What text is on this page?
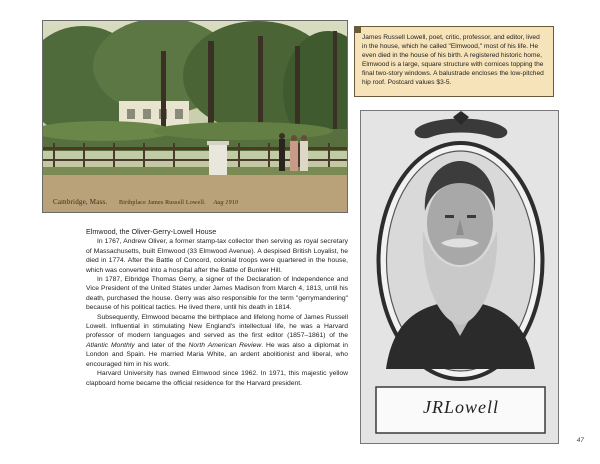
Cambridge, Mass. Birthplace James Russell Lowell. Aug 1910
James Russell Lowell, poet, critic, professor, and editor, lived in the house, which he called "Elmwood," most of his life. He even died in the house of his birth. A registered historic home, Elmwood is a large, square structure with cornices topping the final two-story windows. A balustrade encloses the low-pitched hip roof. Postcard values $3-5.
JRLowell
Elmwood, the Oliver-Gerry-Lowell House

In 1767, Andrew Oliver, a former stamp-tax collector then serving as royal secretary of Massachusetts, built Elmwood (33 Elmwood Avenue). A despised British Loyalist, he died in 1774. After the Battle of Concord, colonial troops were quartered in the house, which was converted into a hospital after the Battle of Bunker Hill.

In 1787, Elbridge Thomas Gerry, a signer of the Declaration of Independence and Vice President of the United States under James Madison from March 4, 1813, until his death, purchased the house. Gerry was also responsible for the term "gerrymandering" because of his political tactics. He lived there, until his death in 1814.

Subsequently, Elmwood became the birthplace and lifelong home of James Russell Lowell. Influential in stimulating New England's intellectual life, he was a Harvard professor of modern languages and served as the first editor (1857–1861) of the Atlantic Monthly and later of the North American Review. He was also a diplomat in London and Spain. He married Maria White, an ardent abolitionist and liberal, who encouraged him in his work.

Harvard University has owned Elmwood since 1962. In 1971, this majestic yellow clapboard home became the official residence for the Harvard president.

47
